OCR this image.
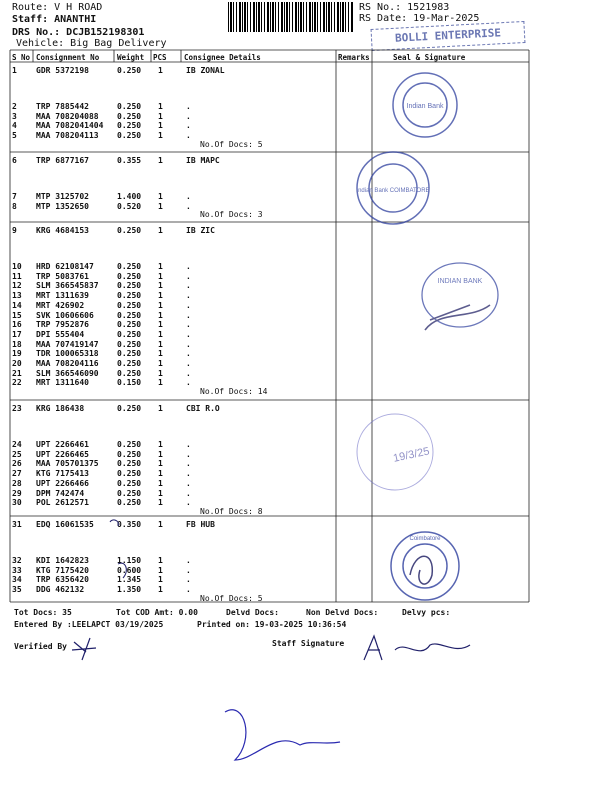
Route: V H ROAD
Staff: ANANTHI
DRS No.: DCJB152198301
Vehicle: Big Bag Delivery
RS No.: 1521983
RS Date: 19-Mar-2025
BOLLI ENTERPRISE
S No Consignment No Weight PCS Consignee Details	Remarks	Seal & Signature
1 GDR 5372198	0.250 1	IB ZONAL
2 TRP 7885442	0.250 1	.
3 MAA 708204088 0.250 1	.
4 MAA 7082041404 0.250 1	.
5 MAA 708204113 0.250 1	.
No.Of Docs: 5
6 TRP 6877167	0.355 1	IB MAPC
7 MTP 3125702	1.400 1	.
8 MTP 1352650	0.520 1	.
No.Of Docs: 3
9 KRG 4684153	0.250 1	IB ZIC
10 HRD 62108147	0.250 1	.
11 TRP 5083761	0.250 1	.
12 SLM 366545837 0.250 1	.
13 MRT 1311639	0.250 1	.
14 MRT 426902	0.250 1	.
15 SVK 10606606	0.250 1	.
16 TRP 7952876	0.250 1	.
17 DPI 555404	0.250 1	.
18 MAA 707419147 0.250 1	.
19 TDR 100065318 0.250 1	.
20 MAA 708204116 0.250 1	.
21 SLM 366546090 0.250 1	.
22 MRT 1311640	0.150 1	.
No.Of Docs: 14
23 KRG 186438	0.250 1	CBI R.O
24 UPT 2266461	0.250 1	.
25 UPT 2266465	0.250 1	.
26 MAA 705701375 0.250 1	.
27 KTG 7175413	0.250 1	.
28 UPT 2266466	0.250 1	.
29 DPM 742474	0.250 1	.
30 POL 2612571	0.250 1	.
No.Of Docs: 8
31 EDQ 16061535	0.350 1	FB HUB
32 KDI 1642823	1.150 1	.
33 KTG 7175420	0.600 1	.
34 TRP 6356420	1.345 1	.
35 DDG 462132	1.350 1	.
No.Of Docs: 5
Indian Bank
Indian Bank COIMBATORE
INDIAN BANK
19/3/25
Coimbatore
Tot Docs: 35	Tot COD Amt: 0.00	Delvd Docs:	Non Delvd Docs:	Delvy pcs:
Entered By :LEELAPCT 03/19/2025	Printed on: 19-03-2025 10:36:54
Verified By	Staff Signature
